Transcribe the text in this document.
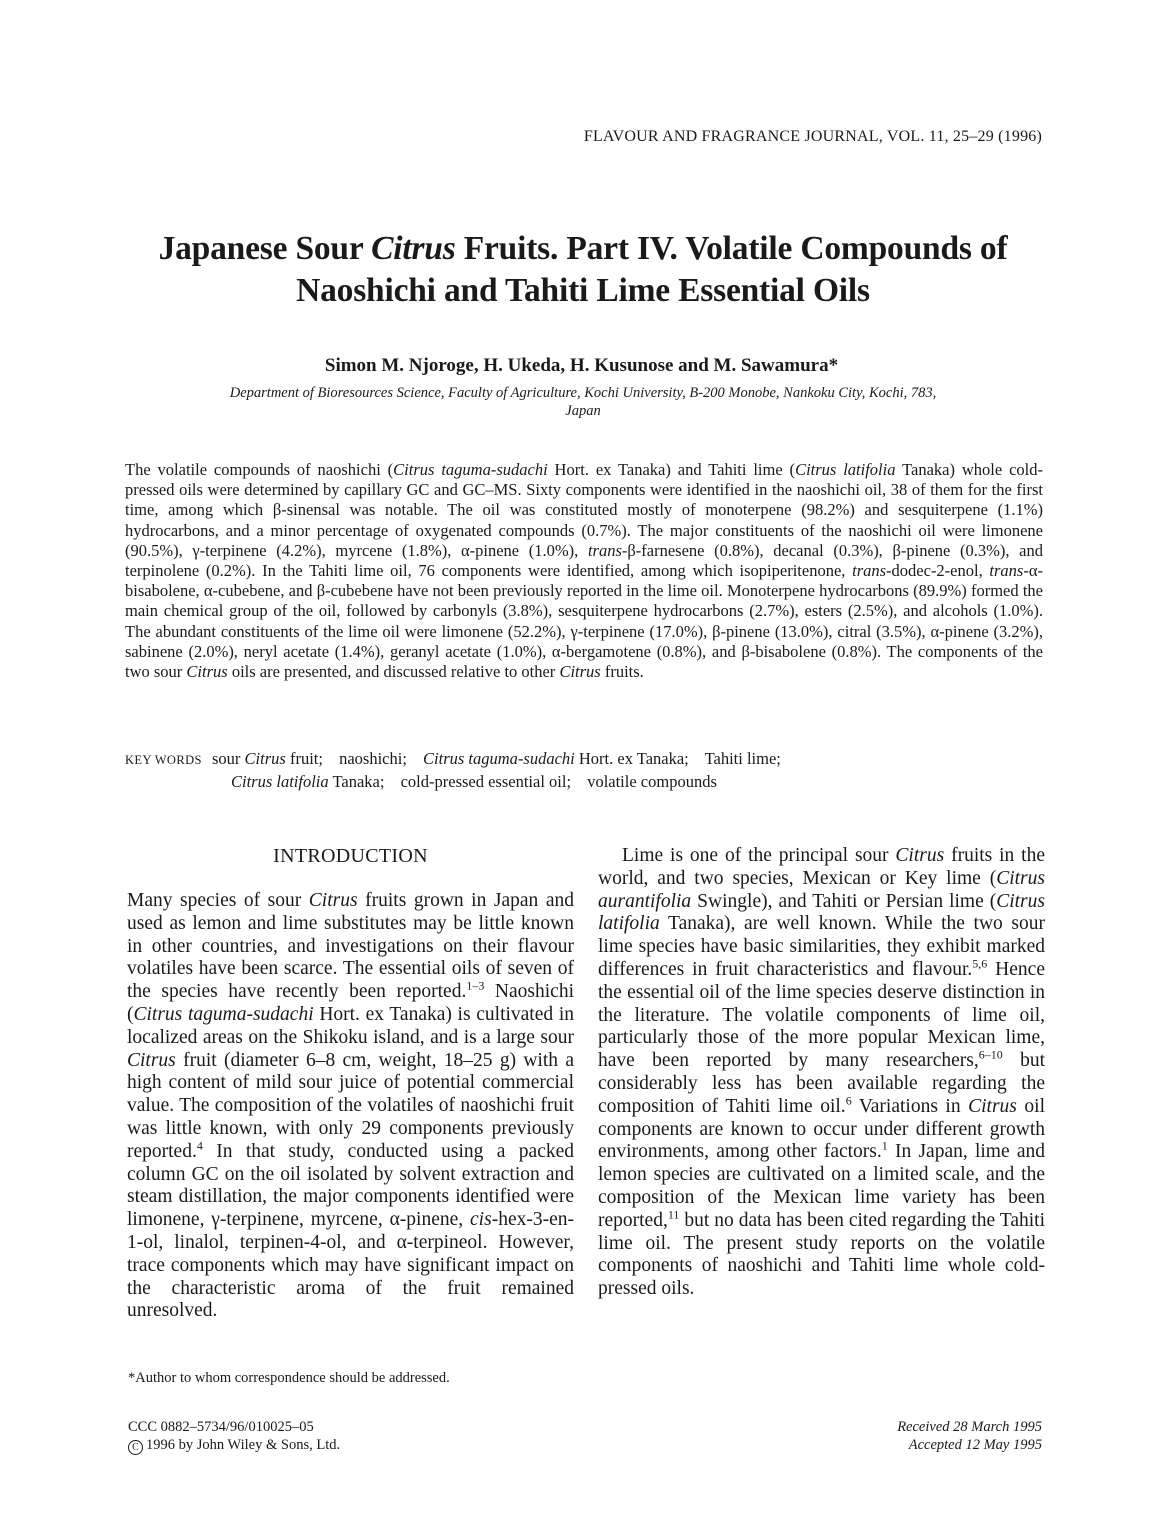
FLAVOUR AND FRAGRANCE JOURNAL, VOL. 11, 25–29 (1996)
Japanese Sour Citrus Fruits. Part IV. Volatile Compounds of
Naoshichi and Tahiti Lime Essential Oils
Simon M. Njoroge, H. Ukeda, H. Kusunose and M. Sawamura*
Department of Bioresources Science, Faculty of Agriculture, Kochi University, B-200 Monobe, Nankoku City, Kochi, 783,
Japan
The volatile compounds of naoshichi (Citrus taguma-sudachi Hort. ex Tanaka) and Tahiti lime (Citrus latifolia Tanaka) whole cold-pressed oils were determined by capillary GC and GC–MS. Sixty components were identified in the naoshichi oil, 38 of them for the first time, among which β-sinensal was notable. The oil was constituted mostly of monoterpene (98.2%) and sesquiterpene (1.1%) hydrocarbons, and a minor percentage of oxygenated compounds (0.7%). The major constituents of the naoshichi oil were limonene (90.5%), γ-terpinene (4.2%), myrcene (1.8%), α-pinene (1.0%), trans-β-farnesene (0.8%), decanal (0.3%), β-pinene (0.3%), and terpinolene (0.2%). In the Tahiti lime oil, 76 components were identified, among which isopiperitenone, trans-dodec-2-enol, trans-α-bisabolene, α-cubebene, and β-cubebene have not been previously reported in the lime oil. Monoterpene hydrocarbons (89.9%) formed the main chemical group of the oil, followed by carbonyls (3.8%), sesquiterpene hydrocarbons (2.7%), esters (2.5%), and alcohols (1.0%). The abundant constituents of the lime oil were limonene (52.2%), γ-terpinene (17.0%), β-pinene (13.0%), citral (3.5%), α-pinene (3.2%), sabinene (2.0%), neryl acetate (1.4%), geranyl acetate (1.0%), α-bergamotene (0.8%), and β-bisabolene (0.8%). The components of the two sour Citrus oils are presented, and discussed relative to other Citrus fruits.
KEY WORDS sour Citrus fruit; naoshichi; Citrus taguma-sudachi Hort. ex Tanaka; Tahiti lime;
Citrus latifolia Tanaka; cold-pressed essential oil; volatile compounds
INTRODUCTION

Many species of sour Citrus fruits grown in Japan and used as lemon and lime substitutes may be little known in other countries, and investigations on their flavour volatiles have been scarce. The essential oils of seven of the species have recently been reported.$^{1-3}$ Naoshichi (Citrus taguma-sudachi Hort. ex Tanaka) is cultivated in localized areas on the Shikoku island, and is a large sour Citrus fruit (diameter 6–8 cm, weight, 18–25 g) with a high content of mild sour juice of potential commercial value. The composition of the volatiles of naoshichi fruit was little known, with only 29 components previously reported.$^4$ In that study, conducted using a packed column GC on the oil isolated by solvent extraction and steam distillation, the major components identified were limonene, γ-terpinene, myrcene, α-pinene, cis-hex-3-en-1-ol, linalol, terpinen-4-ol, and α-terpineol. However, trace components which may have significant impact on the characteristic aroma of the fruit remained unresolved.

Lime is one of the principal sour Citrus fruits in the world, and two species, Mexican or Key lime (Citrus aurantifolia Swingle), and Tahiti or Persian lime (Citrus latifolia Tanaka), are well known. While the two sour lime species have basic similarities, they exhibit marked differences in fruit characteristics and flavour.$^{5,6}$ Hence the essential oil of the lime species deserve distinction in the literature. The volatile components of lime oil, particularly those of the more popular Mexican lime, have been reported by many researchers,$^{6-10}$ but considerably less has been available regarding the composition of Tahiti lime oil.$^6$ Variations in Citrus oil components are known to occur under different growth environments, among other factors.$^1$ In Japan, lime and lemon species are cultivated on a limited scale, and the composition of the Mexican lime variety has been reported,$^{11}$ but no data has been cited regarding the Tahiti lime oil. The present study reports on the volatile components of naoshichi and Tahiti lime whole cold-pressed oils.

*Author to whom correspondence should be addressed.
CCC 0882–5734/96/010025–05
C 1996 by John Wiley & Sons, Ltd.
Received 28 March 1995
Accepted 12 May 1995
